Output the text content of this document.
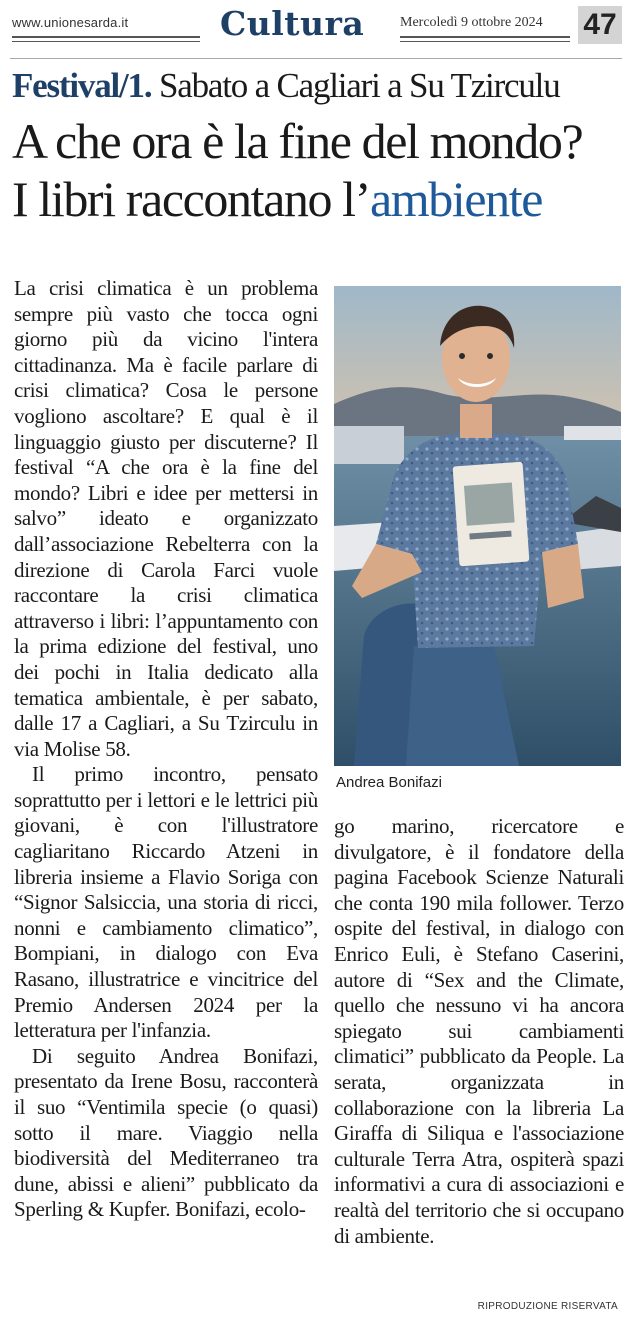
www.unionesarda.it	Cultura	Mercoledì 9 ottobre 2024 47
Festival/1. Sabato a Cagliari a Su Tzirculu
A che ora è la fine del mondo?
I libri raccontano l’ambiente

La crisi climatica è un problema sempre più vasto che tocca ogni giorno più da vicino l'intera cittadinanza. Ma è facile parlare di crisi climatica? Cosa le persone vogliono ascoltare? E qual è il linguaggio giusto per discuterne? Il festival “A che ora è la fine del mondo? Libri e idee per mettersi in salvo” ideato e organizzato dall’associazione Rebelterra con la direzione di Carola Farci vuole raccontare la crisi climatica attraverso i libri: l’appuntamento con la prima edizione del festival, uno dei pochi in Italia dedicato alla tematica ambientale, è per sabato, dalle 17 a Cagliari, a Su Tzirculu in via Molise 58.

Il primo incontro, pensato soprattutto per i lettori e le lettrici più giovani, è con l'illustratore cagliaritano Riccardo Atzeni in libreria insieme a Flavio Soriga con “Signor Salsiccia, una storia di ricci, nonni e cambiamento climatico”, Bompiani, in dialogo con Eva Rasano, illustratrice e vincitrice del Premio Andersen 2024 per la letteratura per l'infanzia.

Di seguito Andrea Bonifazi, presentato da Irene Bosu, racconterà il suo “Ventimila specie (o quasi) sotto il mare. Viaggio nella biodiversità del Mediterraneo tra dune, abissi e alieni” pubblicato da Sperling & Kupfer. Bonifazi, ecolo-

Andrea Bonifazi

go marino, ricercatore e divulgatore, è il fondatore della pagina Facebook Scienze Naturali che conta 190 mila follower. Terzo ospite del festival, in dialogo con Enrico Euli, è Stefano Caserini, autore di “Sex and the Climate, quello che nessuno vi ha ancora spiegato sui cambiamenti climatici” pubblicato da People. La serata, organizzata in collaborazione con la libreria La Giraffa di Siliqua e l'associazione culturale Terra Atra, ospiterà spazi informativi a cura di associazioni e realtà del territorio che si occupano di ambiente.

RIPRODUZIONE RISERVATA
